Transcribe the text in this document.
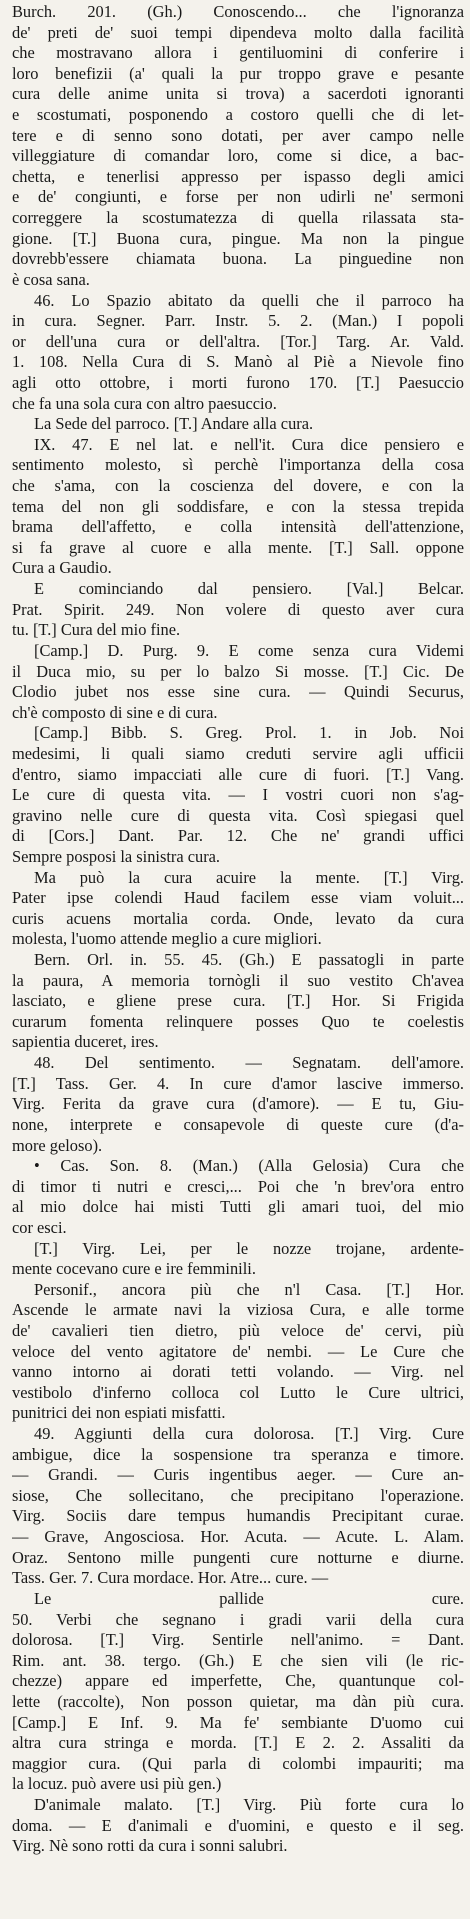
Burch. 201. (Gh.) Conoscendo... che l'ignoranza
de' preti de' suoi tempi dipendeva molto dalla facilità
che mostravano allora i gentiluomini di conferire i
loro benefizii (a' quali la pur troppo grave e pesante
cura delle anime unita si trova) a sacerdoti ignoranti
e scostumati, posponendo a costoro quelli che di let-
tere e di senno sono dotati, per aver campo nelle
villeggiature di comandar loro, come si dice, a bac-
chetta, e tenerlisi appresso per ispasso degli amici
e de' congiunti, e forse per non udirli ne' sermoni
correggere la scostumatezza di quella rilassata sta-
gione. [T.] Buona cura, pingue. Ma non la pingue
dovrebb'essere chiamata buona. La pinguedine non
è cosa sana.
46. Lo Spazio abitato da quelli che il parroco ha
in cura. Segner. Parr. Instr. 5. 2. (Man.) I popoli
or dell'una cura or dell'altra. [Tor.] Targ. Ar. Vald.
1. 108. Nella Cura di S. Manò al Piè a Nievole fino
agli otto ottobre, i morti furono 170. [T.] Paesuccio
che fa una sola cura con altro paesuccio.
La Sede del parroco. [T.] Andare alla cura.
IX. 47. E nel lat. e nell'it. Cura dice pensiero e
sentimento molesto, sì perchè l'importanza della cosa
che s'ama, con la coscienza del dovere, e con la
tema del non gli soddisfare, e con la stessa trepida
brama dell'affetto, e colla intensità dell'attenzione,
si fa grave al cuore e alla mente. [T.] Sall. oppone
Cura a Gaudio.
E cominciando dal pensiero. [Val.] Belcar.
Prat. Spirit. 249. Non volere di questo aver cura
tu. [T.] Cura del mio fine.
[Camp.] D. Purg. 9. E come senza cura Videmi
il Duca mio, su per lo balzo Si mosse. [T.] Cic. De
Clodio jubet nos esse sine cura. — Quindi Securus,
ch'è composto di sine e di cura.
[Camp.] Bibb. S. Greg. Prol. 1. in Job. Noi
medesimi, li quali siamo creduti servire agli ufficii
d'entro, siamo impacciati alle cure di fuori. [T.] Vang.
Le cure di questa vita. — I vostri cuori non s'ag-
gravino nelle cure di questa vita. Così spiegasi quel
di [Cors.] Dant. Par. 12. Che ne' grandi uffici
Sempre posposi la sinistra cura.
Ma può la cura acuire la mente. [T.] Virg.
Pater ipse colendi Haud facilem esse viam voluit...
curis acuens mortalia corda. Onde, levato da cura
molesta, l'uomo attende meglio a cure migliori.
Bern. Orl. in. 55. 45. (Gh.) E passatogli in parte
la paura, A memoria tornògli il suo vestito Ch'avea
lasciato, e gliene prese cura. [T.] Hor. Si Frigida
curarum fomenta relinquere posses Quo te coelestis
sapientia duceret, ires.
48. Del sentimento. — Segnatam. dell'amore.
[T.] Tass. Ger. 4. In cure d'amor lascive immerso.
Virg. Ferita da grave cura (d'amore). — E tu, Giu-
none, interprete e consapevole di queste cure (d'a-
more geloso).
• Cas. Son. 8. (Man.) (Alla Gelosia) Cura che
di timor ti nutri e cresci,... Poi che 'n brev'ora entro
al mio dolce hai misti Tutti gli amari tuoi, del mio
cor esci.
[T.] Virg. Lei, per le nozze trojane, ardente-
mente cocevano cure e ire femminili.
Personif., ancora più che n'l Casa. [T.] Hor.
Ascende le armate navi la viziosa Cura, e alle torme
de' cavalieri tien dietro, più veloce de' cervi, più
veloce del vento agitatore de' nembi. — Le Cure che
vanno intorno ai dorati tetti volando. — Virg. nel
vestibolo d'inferno colloca col Lutto le Cure ultrici,
punitrici dei non espiati misfatti.
49. Aggiunti della cura dolorosa. [T.] Virg. Cure
ambigue, dice la sospensione tra speranza e timore.
— Grandi. — Curis ingentibus aeger. — Cure an-
siose, Che sollecitano, che precipitano l'operazione.
Virg. Sociis dare tempus humandis Precipitant curae.
— Grave, Angosciosa. Hor. Acuta. — Acute. L. Alam.
Oraz. Sentono mille pungenti cure notturne e diurne.
Tass. Ger. 7. Cura mordace. Hor. Atre... cure. —
Le pallide cure.
50. Verbi che segnano i gradi varii della cura
dolorosa. [T.] Virg. Sentirle nell'animo. = Dant.
Rim. ant. 38. tergo. (Gh.) E che sien vili (le ric-
chezze) appare ed imperfette, Che, quantunque col-
lette (raccolte), Non posson quietar, ma dàn più cura.
[Camp.] E Inf. 9. Ma fe' sembiante D'uomo cui
altra cura stringa e morda. [T.] E 2. 2. Assaliti da
maggior cura. (Qui parla di colombi impauriti; ma
la locuz. può avere usi più gen.)
D'animale malato. [T.] Virg. Più forte cura lo
doma. — E d'animali e d'uomini, e questo e il seg.
Virg. Nè sono rotti da cura i sonni salubri.
